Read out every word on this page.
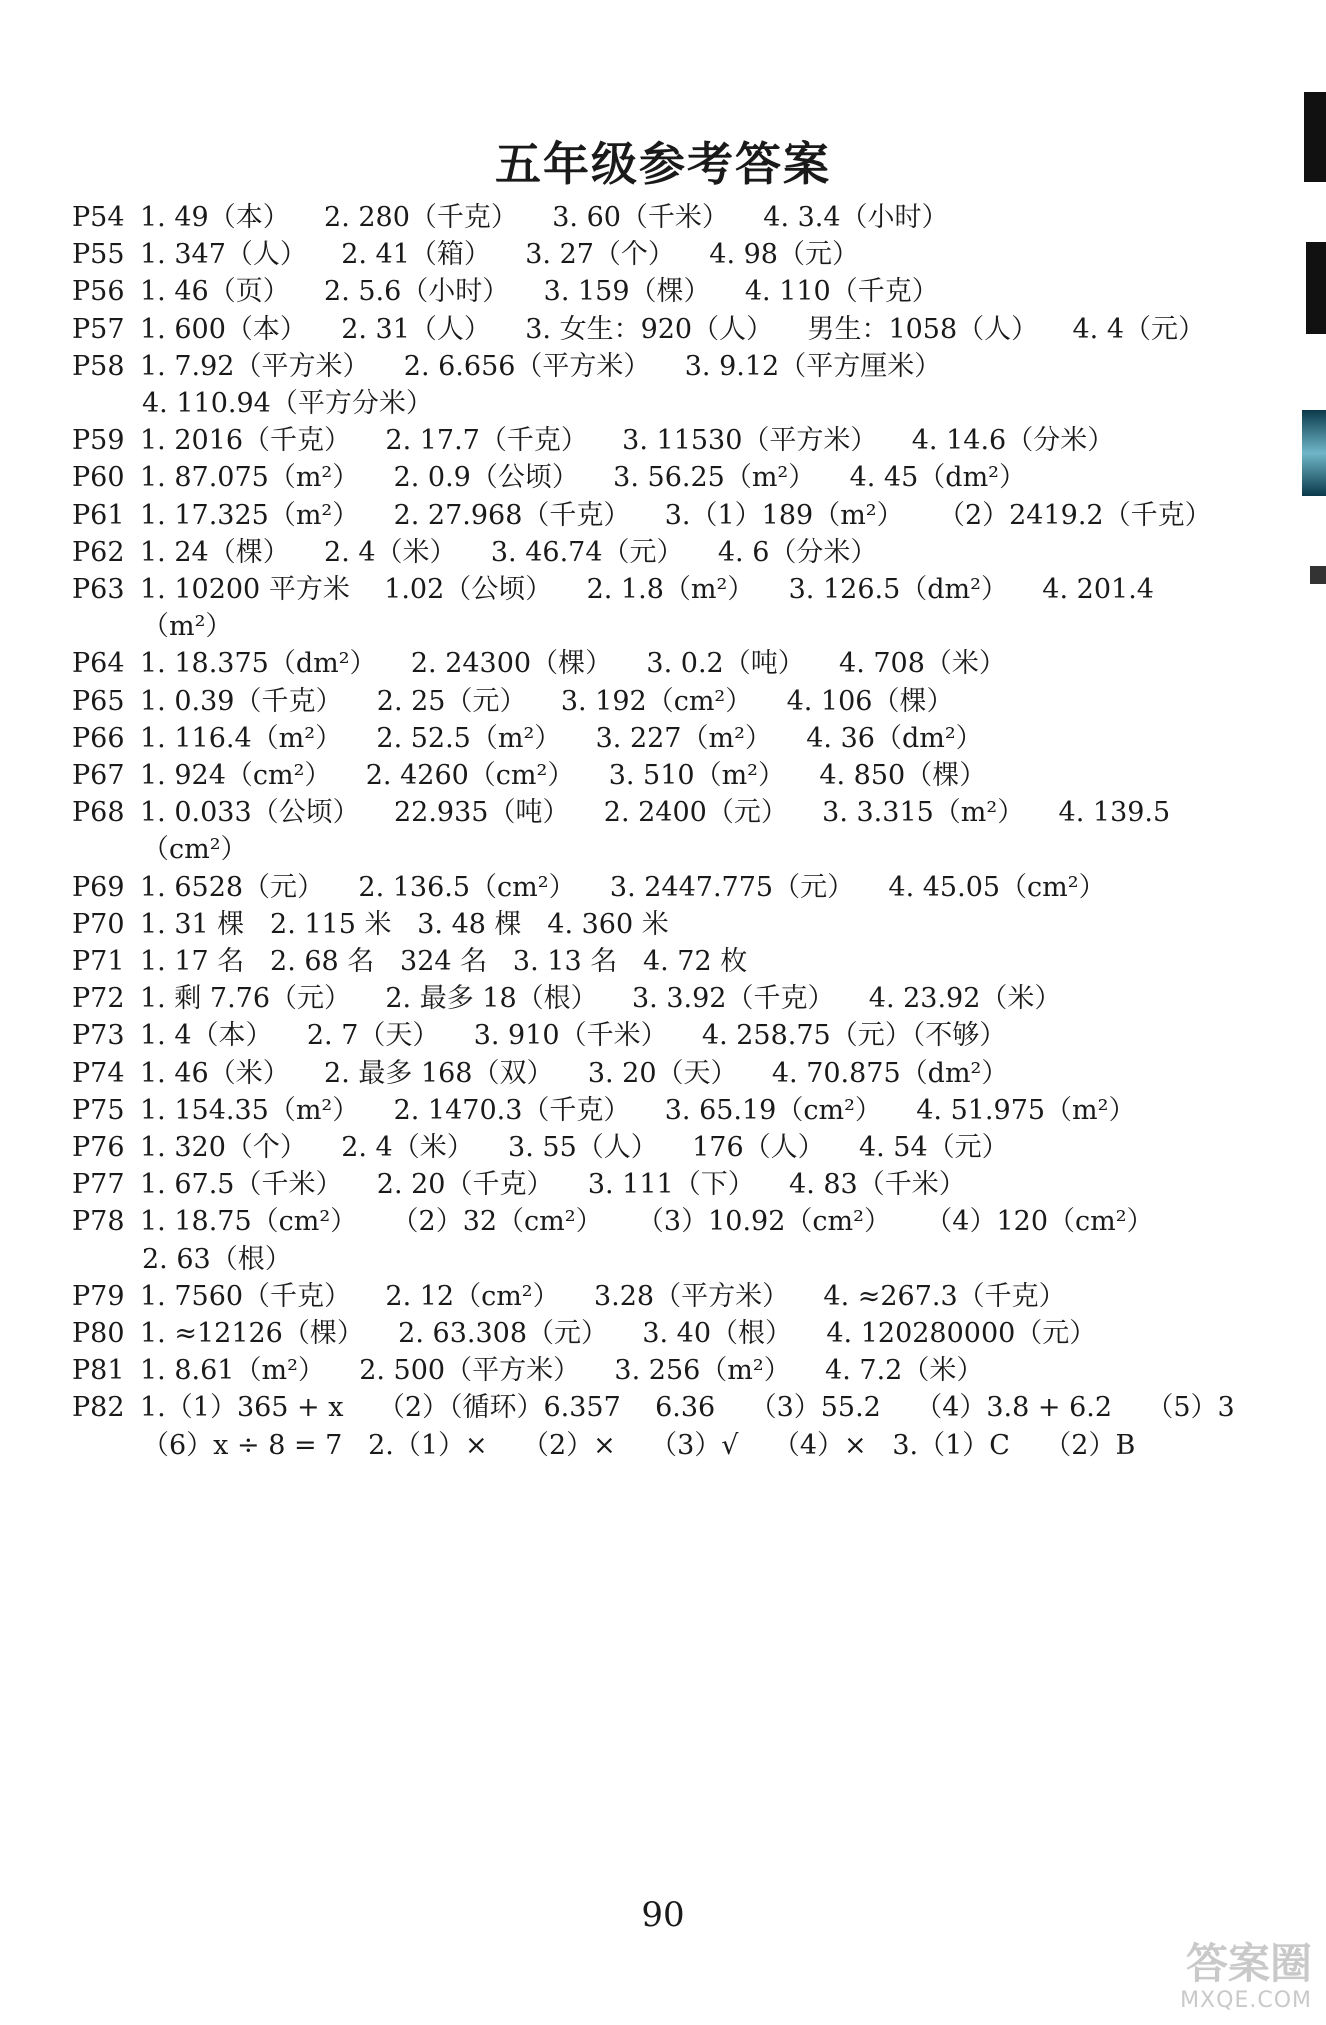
五年级参考答案
P54 1. 49（本）    2. 280（千克）    3. 60（千米）    4. 3.4（小时）
P55 1. 347（人）    2. 41（箱）    3. 27（个）    4. 98（元）
P56 1. 46（页）    2. 5.6（小时）    3. 159（棵）    4. 110（千克）
P57 1. 600（本）    2. 31（人）    3. 女生：920（人）    男生：1058（人）    4. 4（元）
P58 1. 7.92（平方米）    2. 6.656（平方米）    3. 9.12（平方厘米）
4. 110.94（平方分米）
P59 1. 2016（千克）    2. 17.7（千克）    3. 11530（平方米）    4. 14.6（分米）
P60 1. 87.075（m²）    2. 0.9（公顷）    3. 56.25（m²）    4. 45（dm²）
P61 1. 17.325（m²）    2. 27.968（千克）    3.（1）189（m²）    （2）2419.2（千克）
P62 1. 24（棵）    2. 4（米）    3. 46.74（元）    4. 6（分米）
P63 1. 10200 平方米    1.02（公顷）    2. 1.8（m²）    3. 126.5（dm²）    4. 201.4
（m²）
P64 1. 18.375（dm²）    2. 24300（棵）    3. 0.2（吨）    4. 708（米）
P65 1. 0.39（千克）    2. 25（元）    3. 192（cm²）    4. 106（棵）
P66 1. 116.4（m²）    2. 52.5（m²）    3. 227（m²）    4. 36（dm²）
P67 1. 924（cm²）    2. 4260（cm²）    3. 510（m²）    4. 850（棵）
P68 1. 0.033（公顷）    22.935（吨）    2. 2400（元）    3. 3.315（m²）    4. 139.5
（cm²）
P69 1. 6528（元）    2. 136.5（cm²）    3. 2447.775（元）    4. 45.05（cm²）
P70 1. 31 棵   2. 115 米   3. 48 棵   4. 360 米
P71 1. 17 名   2. 68 名   324 名   3. 13 名   4. 72 枚
P72 1. 剩 7.76（元）    2. 最多 18（根）    3. 3.92（千克）    4. 23.92（米）
P73 1. 4（本）    2. 7（天）    3. 910（千米）    4. 258.75（元）（不够）
P74 1. 46（米）    2. 最多 168（双）    3. 20（天）    4. 70.875（dm²）
P75 1. 154.35（m²）    2. 1470.3（千克）    3. 65.19（cm²）    4. 51.975（m²）
P76 1. 320（个）    2. 4（米）    3. 55（人）    176（人）    4. 54（元）
P77 1. 67.5（千米）    2. 20（千克）    3. 111（下）    4. 83（千米）
P78 1. 18.75（cm²）    （2）32（cm²）    （3）10.92（cm²）    （4）120（cm²）
2. 63（根）
P79 1. 7560（千克）    2. 12（cm²）    3.28（平方米）    4. ≈267.3（千克）
P80 1. ≈12126（棵）    2. 63.308（元）    3. 40（根）    4. 120280000（元）
P81 1. 8.61（m²）    2. 500（平方米）    3. 256（m²）    4. 7.2（米）
P82 1.（1）365 + x    （2）（循环）6.357    6.36    （3）55.2    （4）3.8 + 6.2    （5）3
（6）x ÷ 8 = 7   2.（1）×    （2）×    （3）√    （4）×   3.（1）C    （2）B
90
答案圈
MXQE.COM
